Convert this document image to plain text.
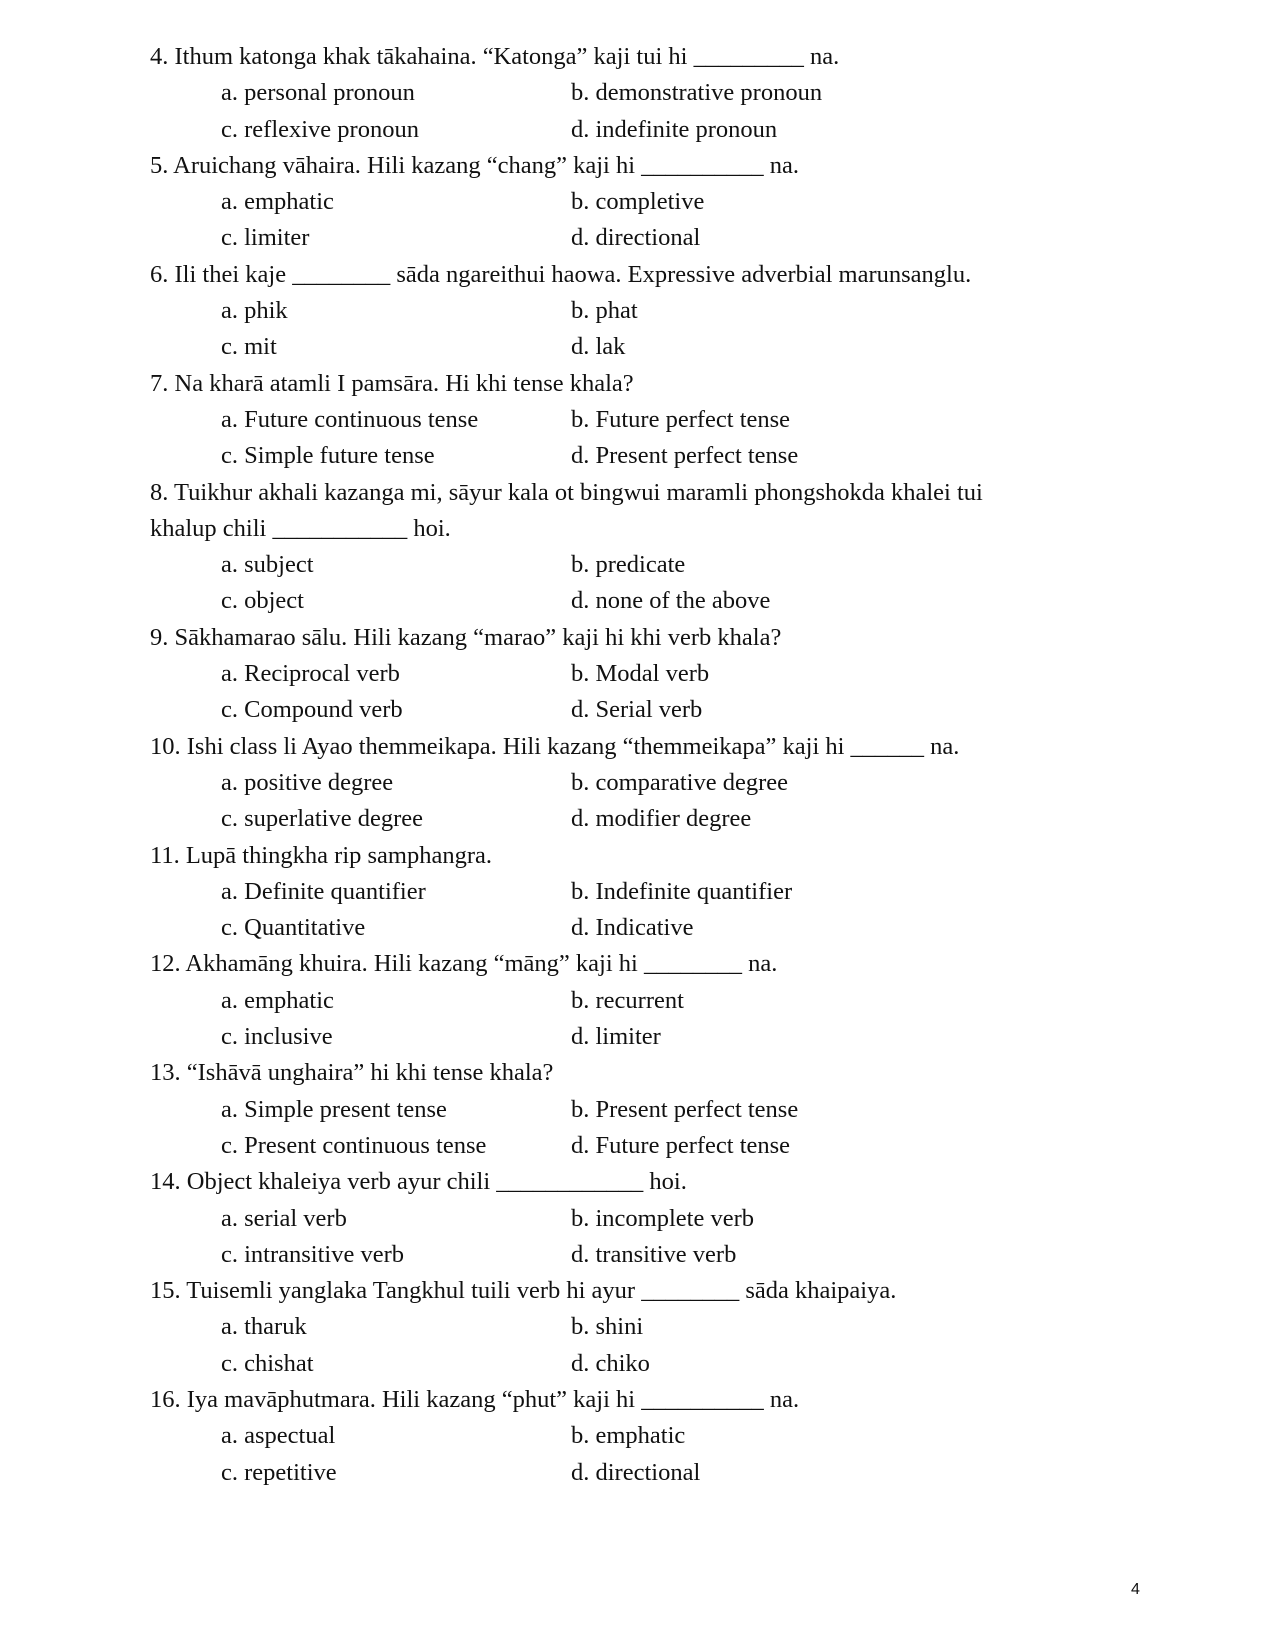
4. Ithum katonga khak tākahaina. “Katonga” kaji tui hi _________ na.
a. personal pronoun	b. demonstrative pronoun
c. reflexive pronoun	d. indefinite pronoun
5. Aruichang vāhaira. Hili kazang “chang” kaji hi __________ na.
a. emphatic	b. completive
c. limiter	d. directional
6. Ili thei kaje ________ sāda ngareithui haowa. Expressive adverbial marunsanglu.
a. phik	b. phat
c. mit	d. lak
7. Na kharā atamli I pamsāra. Hi khi tense khala?
a. Future continuous tense	b. Future perfect tense
c. Simple future tense	d. Present perfect tense
8. Tuikhur akhali kazanga mi, sāyur kala ot bingwui maramli phongshokda khalei tui
khalup chili ___________ hoi.
a. subject	b. predicate
c. object	d. none of the above
9. Sākhamarao sālu. Hili kazang “marao” kaji hi khi verb khala?
a. Reciprocal verb	b. Modal verb
c. Compound verb	d. Serial verb
10. Ishi class li Ayao themmeikapa. Hili kazang “themmeikapa” kaji hi ______ na.
a. positive degree	b. comparative degree
c. superlative degree	d. modifier degree
11. Lupā thingkha rip samphangra.
a. Definite quantifier	b. Indefinite quantifier
c. Quantitative	d. Indicative
12. Akhamāng khuira. Hili kazang “māng” kaji hi ________ na.
a. emphatic	b. recurrent
c. inclusive	d. limiter
13. “Ishāvā unghaira” hi khi tense khala?
a. Simple present tense	b. Present perfect tense
c. Present continuous tense	d. Future perfect tense
14. Object khaleiya verb ayur chili ____________ hoi.
a. serial verb	b. incomplete verb
c. intransitive verb	d. transitive verb
15. Tuisemli yanglaka Tangkhul tuili verb hi ayur ________ sāda khaipaiya.
a. tharuk	b. shini
c. chishat	d. chiko
16. Iya mavāphutmara. Hili kazang “phut” kaji hi __________ na.
a. aspectual	b. emphatic
c. repetitive	d. directional
4
